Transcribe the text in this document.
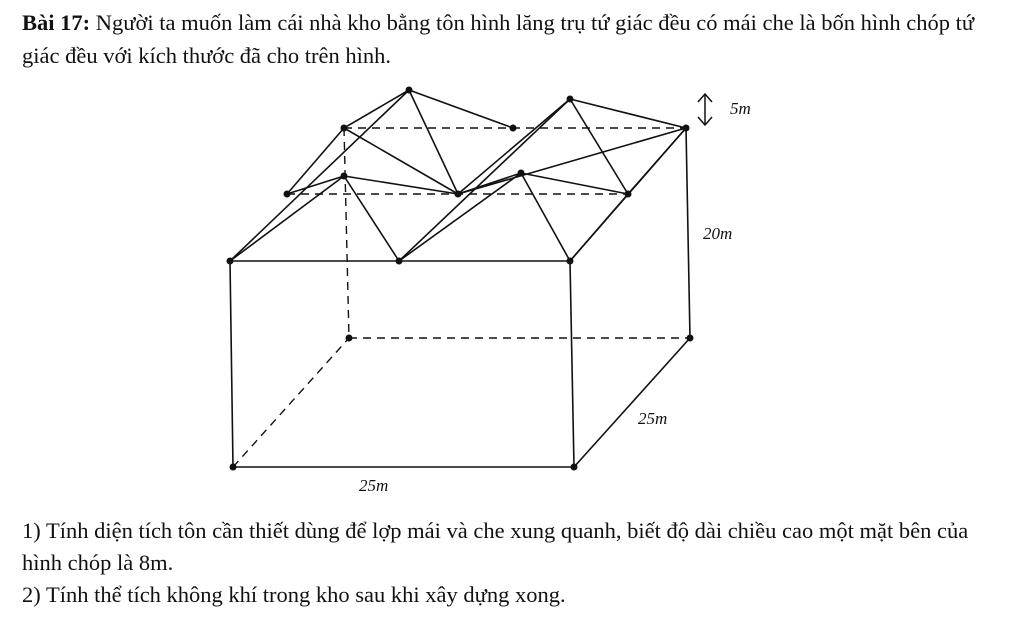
Bài 17: Người ta muốn làm cái nhà kho bằng tôn hình lăng trụ tứ giác đều có mái che là bốn hình chóp tứ giác đều với kích thước đã cho trên hình.
5m
20m
25m
25m
1) Tính diện tích tôn cần thiết dùng để lợp mái và che xung quanh, biết độ dài chiều cao một mặt bên của hình chóp là 8m.
2) Tính thể tích không khí trong kho sau khi xây dựng xong.
